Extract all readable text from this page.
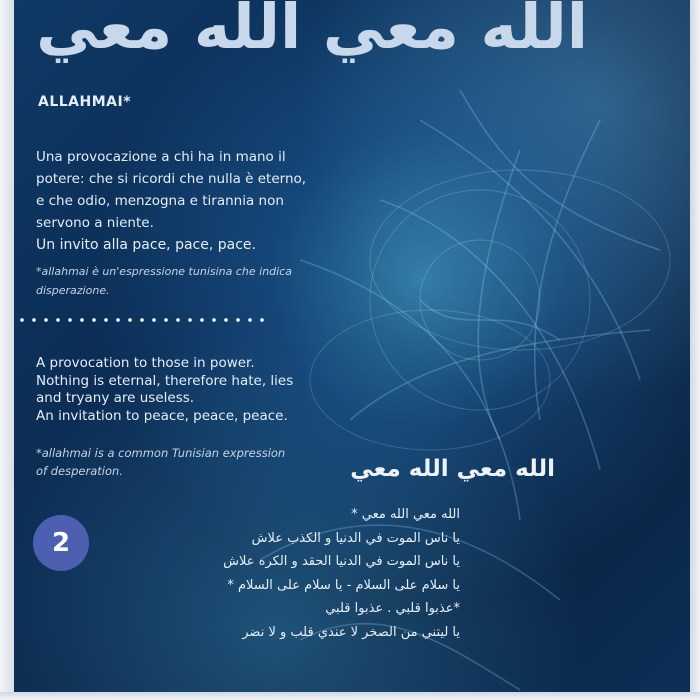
الله معي الله معي
ALLAHMAI*
Una provocazione a chi ha in mano il
potere: che si ricordi che nulla è eterno,
e che odio, menzogna e tirannia non
servono a niente.
Un invito alla pace, pace, pace.
*allahmai è un'espressione tunisina che indica
disperazione.
A provocation to those in power.
Nothing is eternal, therefore hate, lies
and tryany are useless.
An invitation to peace, peace, peace.
*allahmai is a common Tunisian expression
of desperation.
2
الله معي الله معي
الله معي الله معي *
يا ناس الموت في الدنيا و الكذب علاش
يا ناس الموت في الدنيا الحقد و الكره علاش
يا سلام على السلام - يا سلام على السلام *
*عذبوا قلبي . عذبوا قلبي
يا ليتني من الصخر لا عندي قلب و لا نضر
